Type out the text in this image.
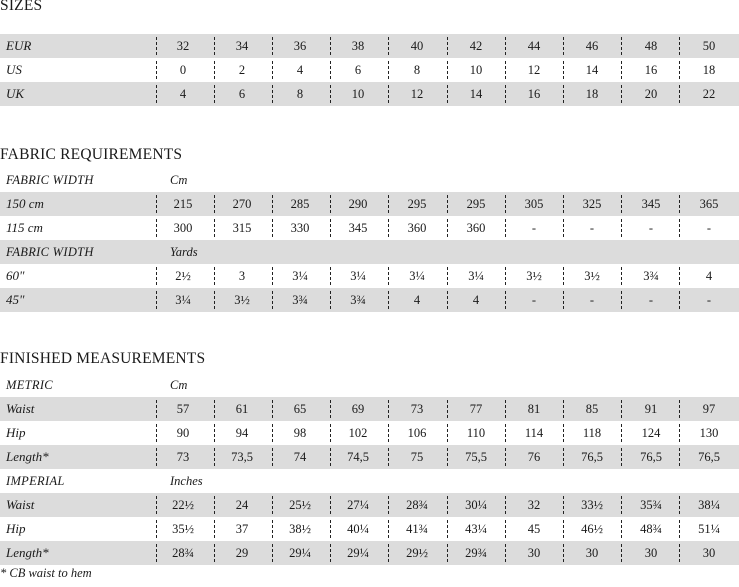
SIZES
FABRIC REQUIREMENTS
FINISHED MEASUREMENTS
EUR	32	34	36	38	40	42	44	46	48	50
US	0	2	4	6	8	10	12	14	16	18
UK	4	6	8	10	12	14	16	18	20	22
FABRIC WIDTH	Cm
150 cm	215	270	285	290	295	295	305	325	345	365
115 cm	300	315	330	345	360	360	-	-	-	-
FABRIC WIDTH	Yards
60"	2½	3	3¼	3¼	3¼	3¼	3½	3½	3¾	4
45"	3¼	3½	3¾	3¾	4	4	-	-	-	-
METRIC	Cm
Waist	57	61	65	69	73	77	81	85	91	97
Hip	90	94	98	102	106	110	114	118	124	130
Length*	73	73,5	74	74,5	75	75,5	76	76,5	76,5	76,5
IMPERIAL	Inches
Waist	22½	24	25½	27¼	28¾	30¼	32	33½	35¾	38¼
Hip	35½	37	38½	40¼	41¾	43¼	45	46½	48¾	51¼
Length*	28¾	29	29¼	29¼	29½	29¾	30	30	30	30
* CB waist to hem
